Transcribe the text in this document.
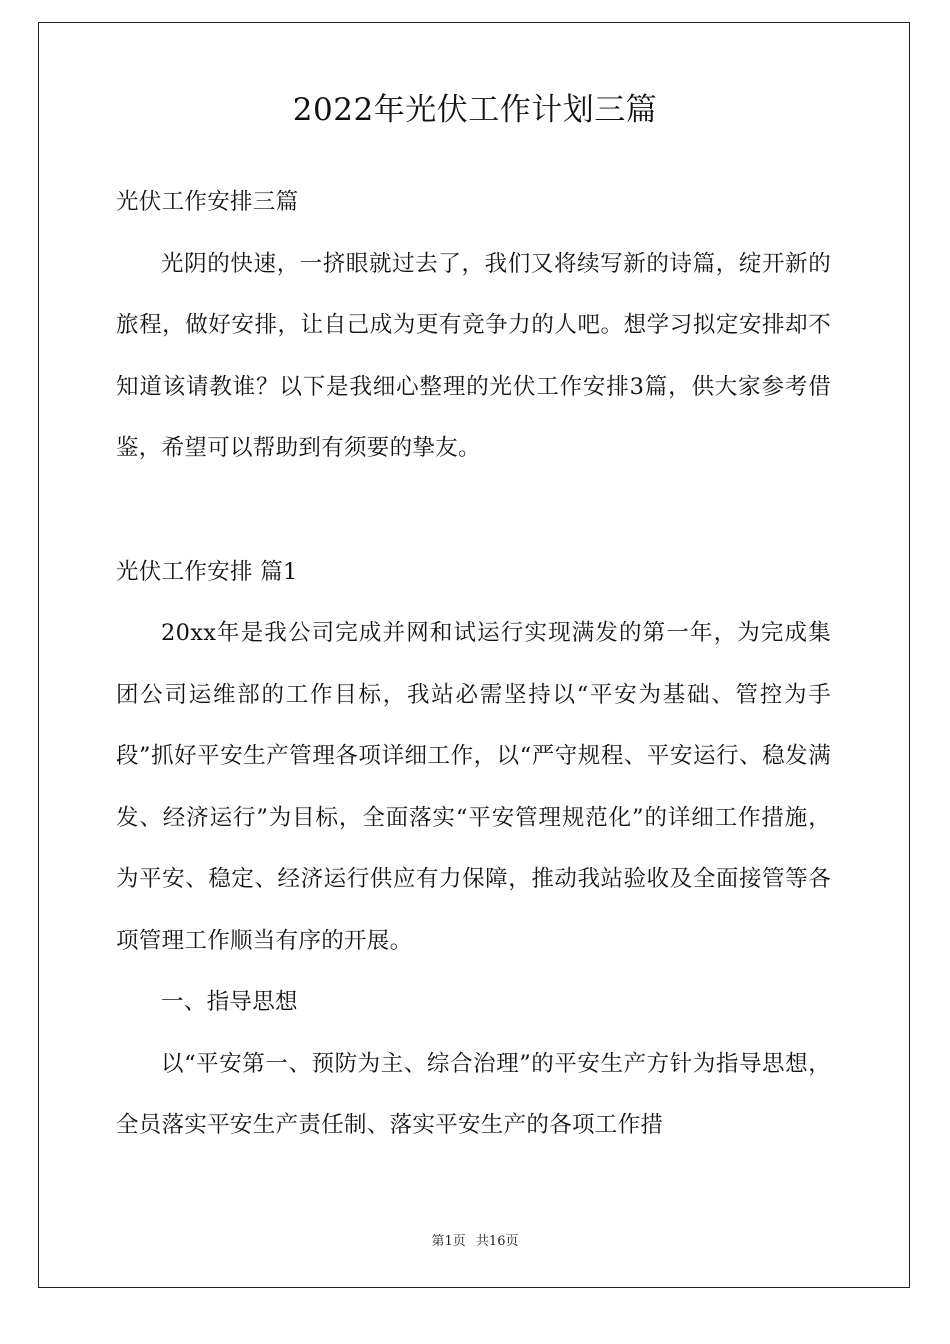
2022年光伏工作计划三篇

光伏工作安排三篇

光阴的快速，一挤眼就过去了，我们又将续写新的诗篇，绽开新的旅程，做好安排，让自己成为更有竞争力的人吧。想学习拟定安排却不知道该请教谁？以下是我细心整理的光伏工作安排3篇，供大家参考借鉴，希望可以帮助到有须要的挚友。

光伏工作安排 篇1

20xx年是我公司完成并网和试运行实现满发的第一年，为完成集团公司运维部的工作目标，我站必需坚持以“平安为基础、管控为手段”抓好平安生产管理各项详细工作，以“严守规程、平安运行、稳发满发、经济运行”为目标，全面落实“平安管理规范化”的详细工作措施，为平安、稳定、经济运行供应有力保障，推动我站验收及全面接管等各项管理工作顺当有序的开展。

一、指导思想

以“平安第一、预防为主、综合治理”的平安生产方针为指导思想，全员落实平安生产责任制、落实平安生产的各项工作措

第1页 共16页
